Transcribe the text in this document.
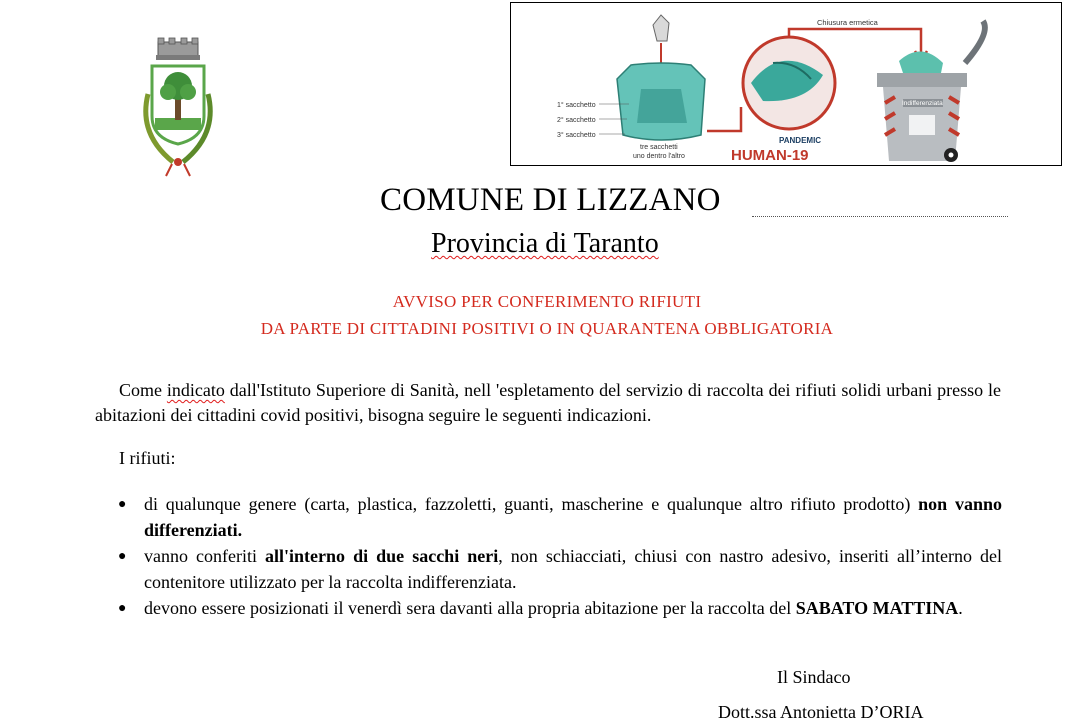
1° sacchetto
2° sacchetto
3° sacchetto
tre sacchetti
uno dentro l'altro
Chiusura ermetica
PANDEMIC
HUMAN-19
Indifferenziata
COMUNE DI LIZZANO
Provincia di Taranto
AVVISO PER CONFERIMENTO RIFIUTI
DA PARTE DI CITTADINI POSITIVI O IN QUARANTENA OBBLIGATORIA
Come indicato dall'Istituto Superiore di Sanità, nell 'espletamento del servizio di raccolta dei rifiuti solidi urbani presso le abitazioni dei cittadini covid positivi, bisogna seguire le seguenti indicazioni.
I rifiuti:
● di qualunque genere (carta, plastica, fazzoletti, guanti, mascherine e qualunque altro rifiuto prodotto) non vanno differenziati.
● vanno conferiti all'interno di due sacchi neri, non schiacciati, chiusi con nastro adesivo, inseriti all’interno del contenitore utilizzato per la raccolta indifferenziata.
● devono essere posizionati il venerdì sera davanti alla propria abitazione per la raccolta del SABATO MATTINA.
Il Sindaco
Dott.ssa Antonietta D’ORIA
